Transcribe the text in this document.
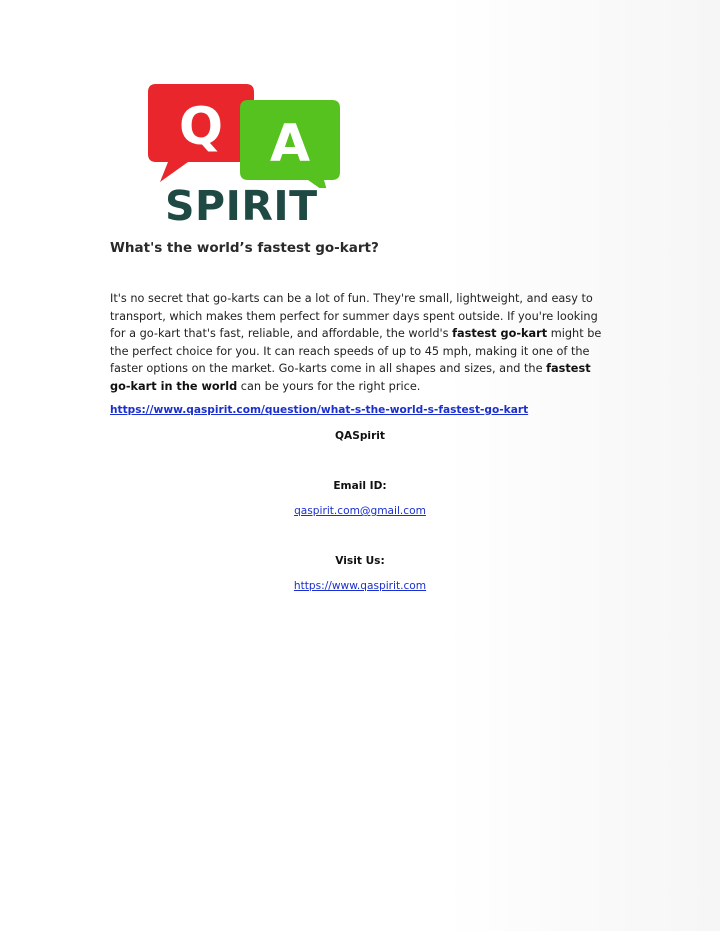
Q A
SPIRIT
What's the world’s fastest go-kart?
It's no secret that go-karts can be a lot of fun. They're small, lightweight, and easy to transport, which makes them perfect for summer days spent outside. If you're looking for a go-kart that's fast, reliable, and affordable, the world's fastest go-kart might be the perfect choice for you. It can reach speeds of up to 45 mph, making it one of the faster options on the market. Go-karts come in all shapes and sizes, and the fastest go-kart in the world can be yours for the right price.
https://www.qaspirit.com/question/what-s-the-world-s-fastest-go-kart
QASpirit
Email ID:
qaspirit.com@gmail.com
Visit Us:
https://www.qaspirit.com
